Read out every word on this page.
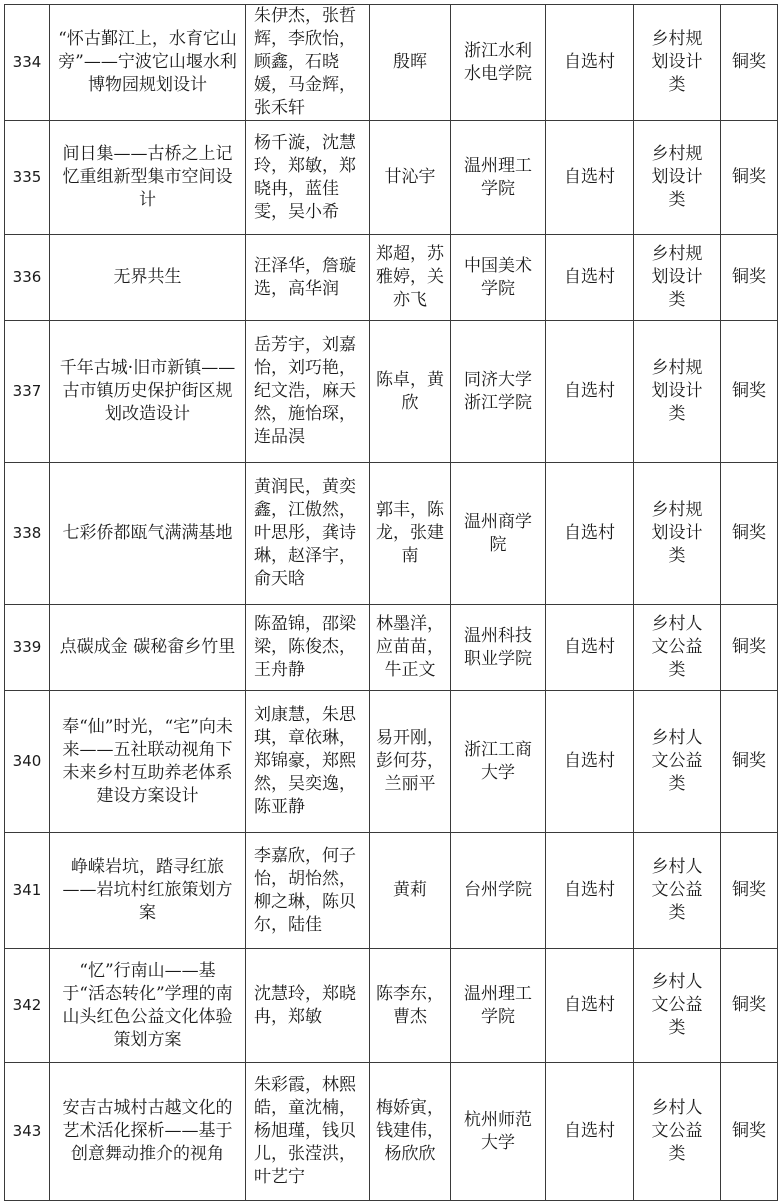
334	“怀古鄞江上，水育它山旁”——宁波它山堰水利博物园规划设计	朱伊杰，张哲辉，李欣怡，顾鑫，石晓媛，马金辉，张禾轩	殷晖	浙江水利水电学院	自选村	乡村规划设计类	铜奖
335	间日集——古桥之上记忆重组新型集市空间设计	杨千漩，沈慧玲，郑敏，郑晓冉，蓝佳雯，吴小希	甘沁宇	温州理工学院	自选村	乡村规划设计类	铜奖
336	无界共生	汪泽华，詹璇选，高华润	郑超，苏雅婷，关亦飞	中国美术学院	自选村	乡村规划设计类	铜奖
337	千年古城·旧市新镇——古市镇历史保护街区规划改造设计	岳芳宇，刘嘉怡，刘巧艳，纪文浩，麻天然，施怡琛，连品淏	陈卓，黄欣	同济大学浙江学院	自选村	乡村规划设计类	铜奖
338	七彩侨都瓯气满满基地	黄润民，黄奕鑫，江傲然，叶思彤，龚诗琳，赵泽宇，俞天晗	郭丰，陈龙，张建南	温州商学院	自选村	乡村规划设计类	铜奖
339	点碳成金 碳秘畲乡竹里	陈盈锦，邵梁梁，陈俊杰，王舟静	林墨洋，应苗苗，牛正文	温州科技职业学院	自选村	乡村人文公益类	铜奖
340	奉“仙”时光，“宅”向未来——五社联动视角下未来乡村互助养老体系建设方案设计	刘康慧，朱思琪，章依琳，郑锦豪，郑熙然，吴奕逸，陈亚静	易开刚，彭何芬，兰丽平	浙江工商大学	自选村	乡村人文公益类	铜奖
341	峥嵘岩坑，踏寻红旅——岩坑村红旅策划方案	李嘉欣，何子怡，胡怡然，柳之琳，陈贝尔，陆佳	黄莉	台州学院	自选村	乡村人文公益类	铜奖
342	“忆”行南山——基于“活态转化”学理的南山头红色公益文化体验策划方案	沈慧玲，郑晓冉，郑敏	陈李东，曹杰	温州理工学院	自选村	乡村人文公益类	铜奖
343	安吉古城村古越文化的艺术活化探析——基于创意舞动推介的视角	朱彩霞，林熙皓，童沈楠，杨旭瑾，钱贝儿，张滢洪，叶艺宁	梅娇寅，钱建伟，杨欣欣	杭州师范大学	自选村	乡村人文公益类	铜奖
